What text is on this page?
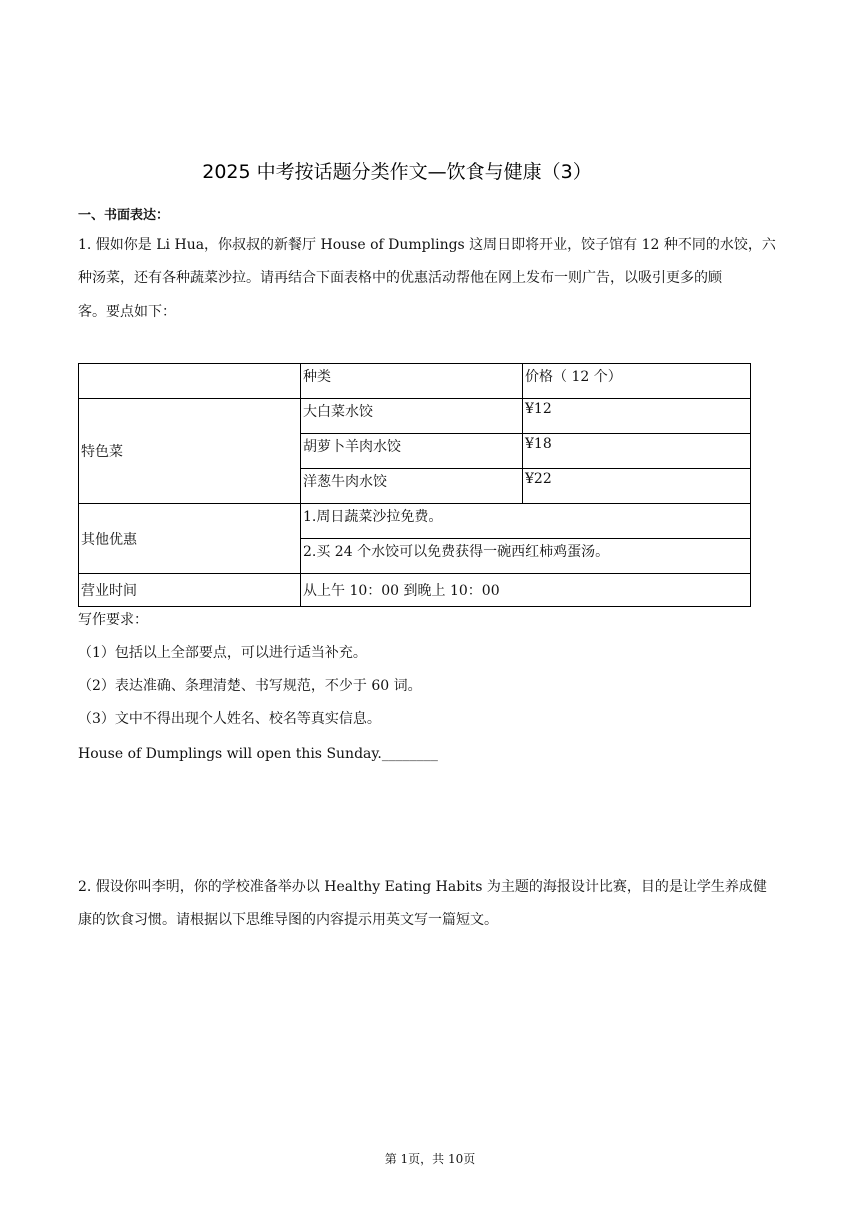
2025 中考按话题分类作文—饮食与健康（3）
一、书面表达：
1. 假如你是 Li Hua，你叔叔的新餐厅 House of Dumplings 这周日即将开业，饺子馆有 12 种不同的水饺，六
种汤菜，还有各种蔬菜沙拉。请再结合下面表格中的优惠活动帮他在网上发布一则广告，以吸引更多的顾
客。要点如下：
	种类	价格（ 12 个）
特色菜	大白菜水饺	¥12
	胡萝卜羊肉水饺	¥18
	洋葱牛肉水饺	¥22
其他优惠	1.周日蔬菜沙拉免费。	
	2.买 24 个水饺可以免费获得一碗西红柿鸡蛋汤。	
营业时间	从上午 10：00 到晚上 10：00	
写作要求：
（1）包括以上全部要点，可以进行适当补充。
（2）表达准确、条理清楚、书写规范，不少于 60 词。
（3）文中不得出现个人姓名、校名等真实信息。
House of Dumplings will open this Sunday.________
2. 假设你叫李明，你的学校准备举办以 Healthy Eating Habits 为主题的海报设计比赛，目的是让学生养成健
康的饮食习惯。请根据以下思维导图的内容提示用英文写一篇短文。
第 1页，共 10页
